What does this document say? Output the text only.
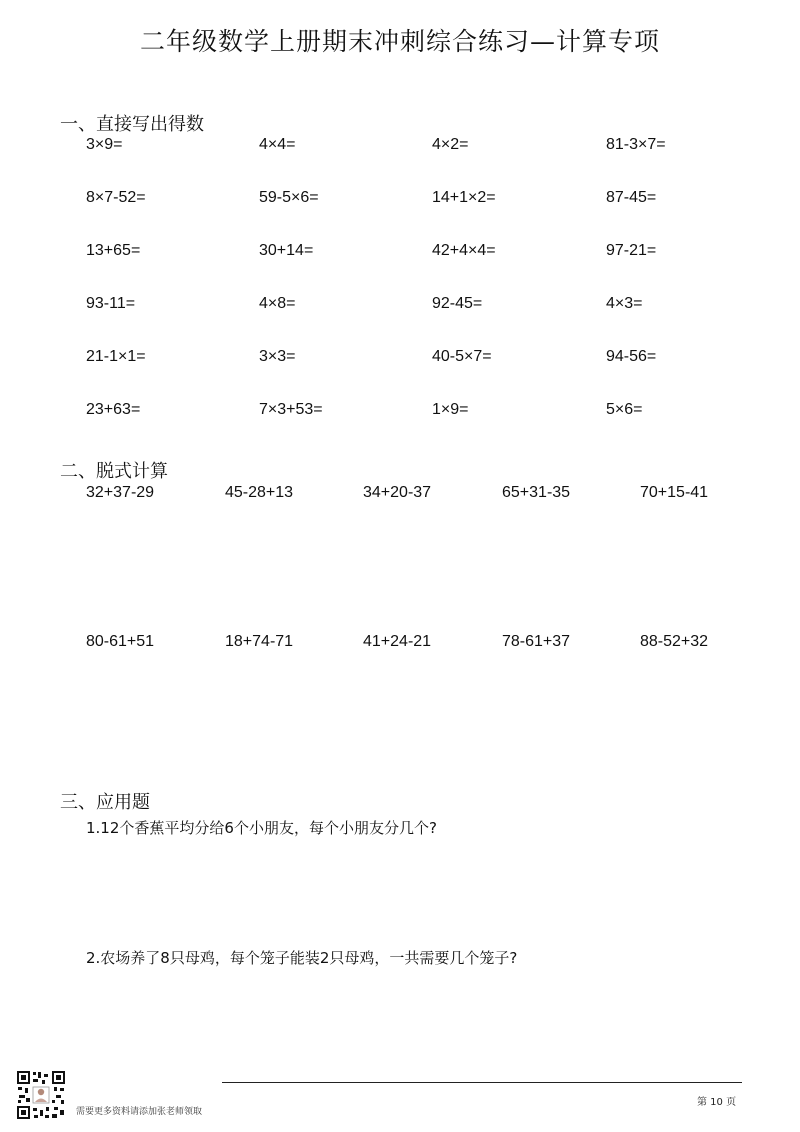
二年级数学上册期末冲刺综合练习—计算专项
一、直接写出得数
3×9=	4×4=	4×2=	81-3×7=
8×7-52=	59-5×6=	14+1×2=	87-45=
13+65=	30+14=	42+4×4=	97-21=
93-11=	4×8=	92-45=	4×3=
21-1×1=	3×3=	40-5×7=	94-56=
23+63=	7×3+53=	1×9=	5×6=
二、脱式计算
32+37-29	45-28+13	34+20-37	65+31-35	70+15-41
80-61+51	18+74-71	41+24-21	78-61+37	88-52+32
三、应用题
1.12个香蕉平均分给6个小朋友，每个小朋友分几个?
2.农场养了8只母鸡，每个笼子能装2只母鸡，一共需要几个笼子?
需要更多资料请添加张老师领取
第 10 页
